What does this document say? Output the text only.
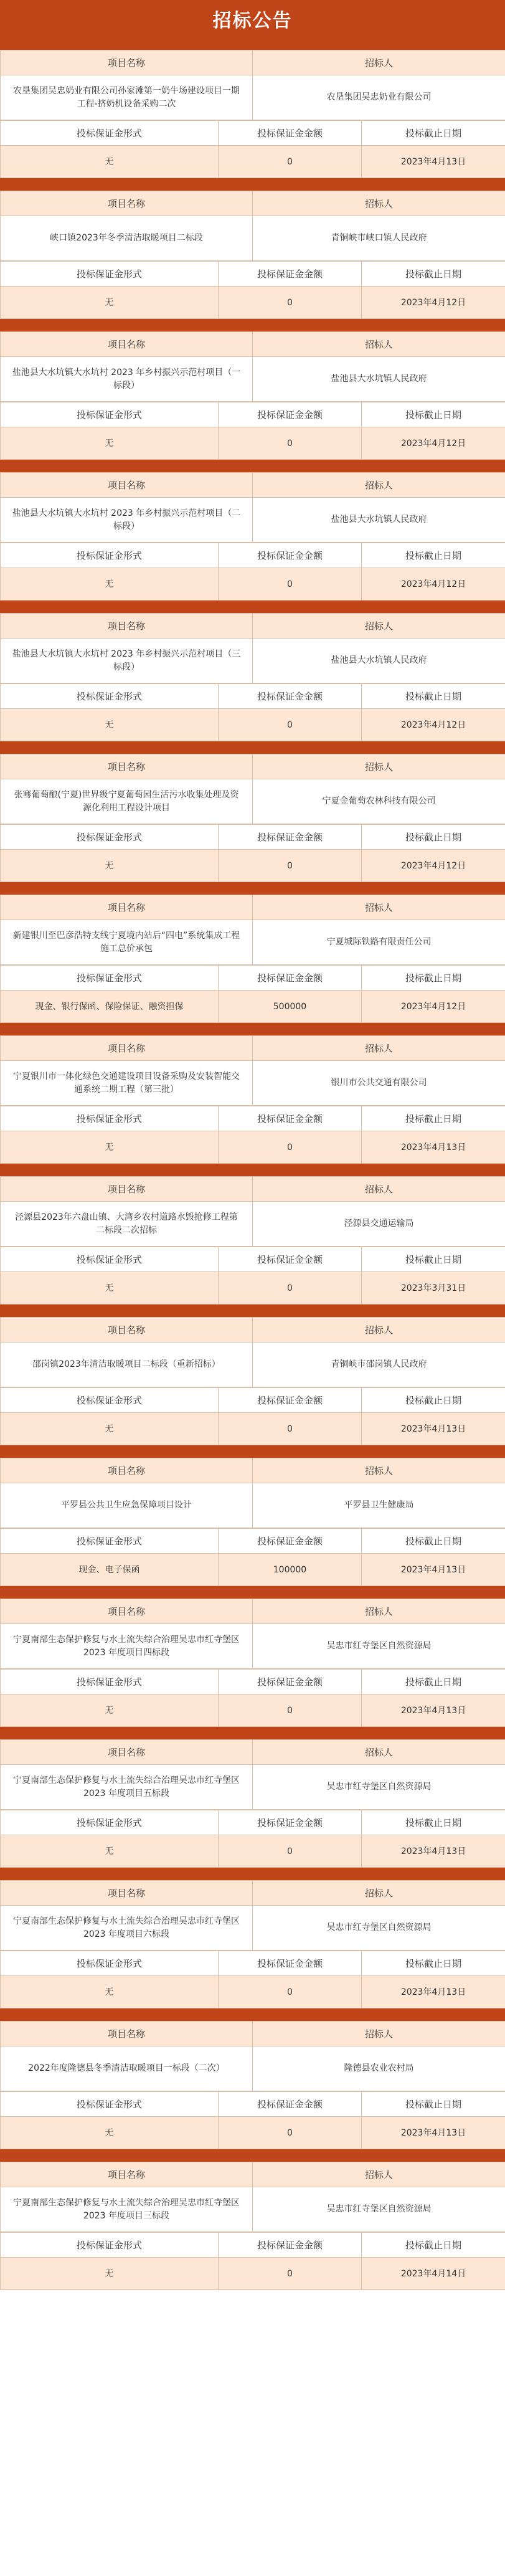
招标公告
项目名称	招标人
农垦集团吴忠奶业有限公司孙家滩第一奶牛场建设项目一期工程-挤奶机设备采购二次	农垦集团吴忠奶业有限公司
投标保证金形式	投标保证金金额	投标截止日期
无	0	2023年4月13日
项目名称	招标人
峡口镇2023年冬季清洁取暖项目二标段	青铜峡市峡口镇人民政府
投标保证金形式	投标保证金金额	投标截止日期
无	0	2023年4月12日
项目名称	招标人
盐池县大水坑镇大水坑村 2023 年乡村振兴示范村项目（一标段）	盐池县大水坑镇人民政府
投标保证金形式	投标保证金金额	投标截止日期
无	0	2023年4月12日
项目名称	招标人
盐池县大水坑镇大水坑村 2023 年乡村振兴示范村项目（二标段）	盐池县大水坑镇人民政府
投标保证金形式	投标保证金金额	投标截止日期
无	0	2023年4月12日
项目名称	招标人
盐池县大水坑镇大水坑村 2023 年乡村振兴示范村项目（三标段）	盐池县大水坑镇人民政府
投标保证金形式	投标保证金金额	投标截止日期
无	0	2023年4月12日
项目名称	招标人
张骞葡萄酿(宁夏)世界级宁夏葡萄园生活污水收集处理及资源化利用工程设计项目	宁夏金葡萄农林科技有限公司
投标保证金形式	投标保证金金额	投标截止日期
无	0	2023年4月12日
项目名称	招标人
新建银川至巴彦浩特支线宁夏境内站后“四电”系统集成工程施工总价承包	宁夏城际铁路有限责任公司
投标保证金形式	投标保证金金额	投标截止日期
现金、银行保函、保险保证、融资担保	500000	2023年4月12日
项目名称	招标人
宁夏银川市一体化绿色交通建设项目设备采购及安装智能交通系统二期工程（第三批）	银川市公共交通有限公司
投标保证金形式	投标保证金金额	投标截止日期
无	0	2023年4月13日
项目名称	招标人
泾源县2023年六盘山镇、大湾乡农村道路水毁抢修工程第二标段二次招标	泾源县交通运输局
投标保证金形式	投标保证金金额	投标截止日期
无	0	2023年3月31日
项目名称	招标人
邵岗镇2023年清洁取暖项目二标段（重新招标）	青铜峡市邵岗镇人民政府
投标保证金形式	投标保证金金额	投标截止日期
无	0	2023年4月13日
项目名称	招标人
平罗县公共卫生应急保障项目设计	平罗县卫生健康局
投标保证金形式	投标保证金金额	投标截止日期
现金、电子保函	100000	2023年4月13日
项目名称	招标人
宁夏南部生态保护修复与水土流失综合治理吴忠市红寺堡区2023 年度项目四标段	吴忠市红寺堡区自然资源局
投标保证金形式	投标保证金金额	投标截止日期
无	0	2023年4月13日
项目名称	招标人
宁夏南部生态保护修复与水土流失综合治理吴忠市红寺堡区2023 年度项目五标段	吴忠市红寺堡区自然资源局
投标保证金形式	投标保证金金额	投标截止日期
无	0	2023年4月13日
项目名称	招标人
宁夏南部生态保护修复与水土流失综合治理吴忠市红寺堡区2023 年度项目六标段	吴忠市红寺堡区自然资源局
投标保证金形式	投标保证金金额	投标截止日期
无	0	2023年4月13日
项目名称	招标人
2022年度隆德县冬季清洁取暖项目一标段（二次）	隆德县农业农村局
投标保证金形式	投标保证金金额	投标截止日期
无	0	2023年4月13日
项目名称	招标人
宁夏南部生态保护修复与水土流失综合治理吴忠市红寺堡区2023 年度项目三标段	吴忠市红寺堡区自然资源局
投标保证金形式	投标保证金金额	投标截止日期
无	0	2023年4月14日
